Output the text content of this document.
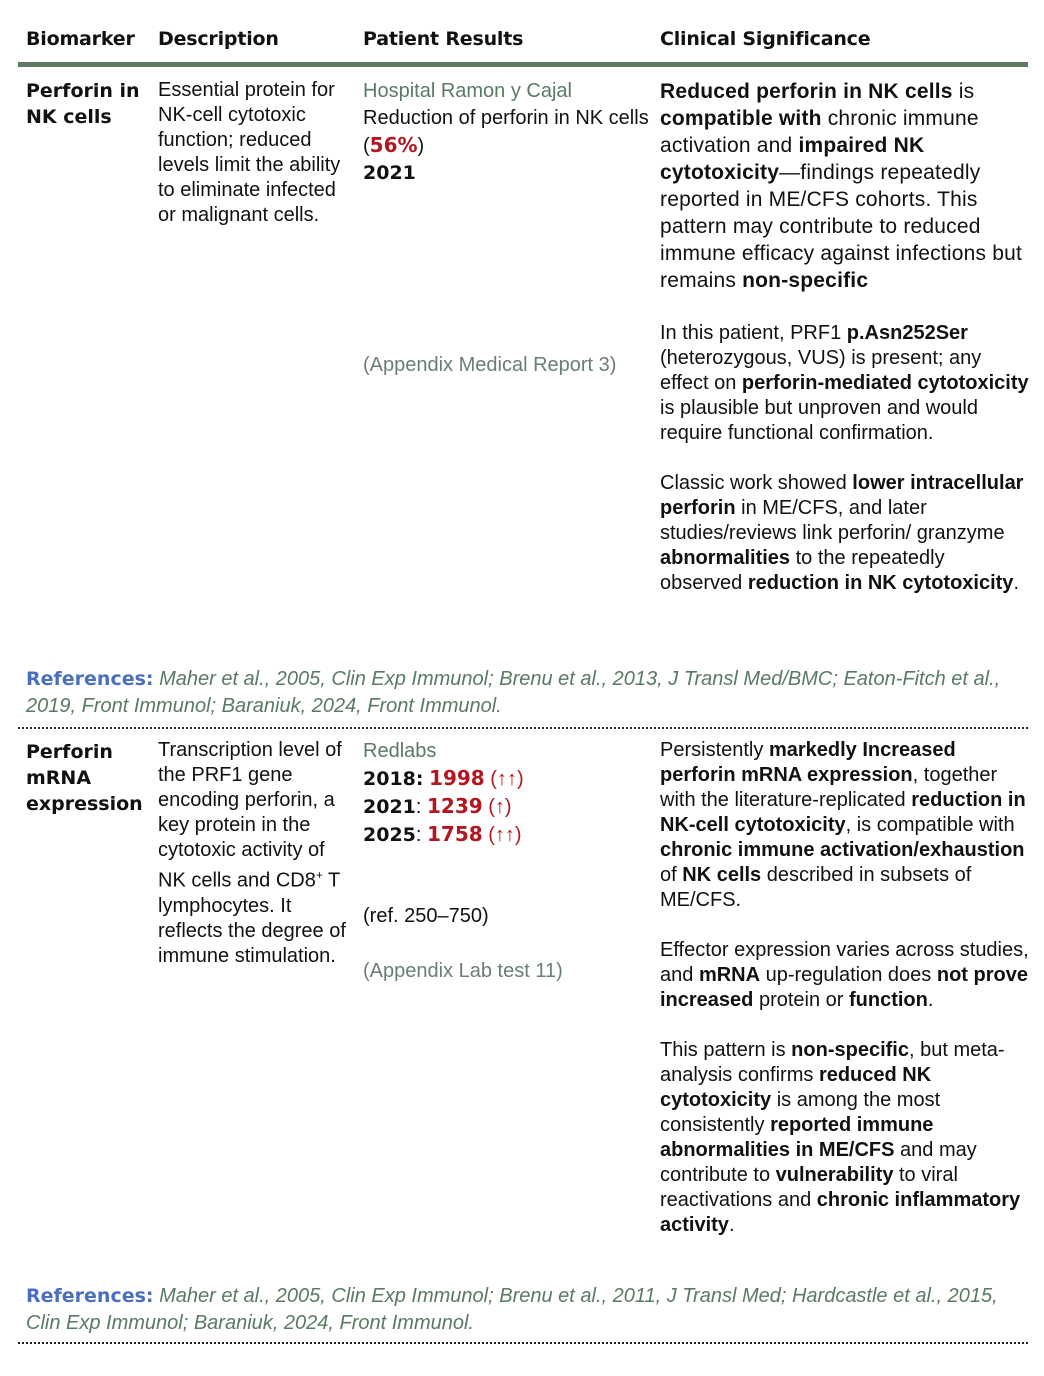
Biomarker Description	Patient Results	Clinical Significance
Perforin in NK cells
Essential protein for NK-cell cytotoxic function; reduced levels limit the ability to eliminate infected or malignant cells.
Hospital Ramon y Cajal
Reduction of perforin in NK cells (56%)
2021
(Appendix Medical Report 3)

Reduced perforin in NK cells is compatible with chronic immune activation and impaired NK cytotoxicity—findings repeatedly reported in ME/CFS cohorts. This pattern may contribute to reduced immune efficacy against infections but remains non-specific

In this patient, PRF1 p.Asn252Ser (heterozygous, VUS) is present; any effect on perforin-mediated cytotoxicity is plausible but unproven and would require functional confirmation.

Classic work showed lower intracellular perforin in ME/CFS, and later studies/reviews link perforin/ granzyme abnormalities to the repeatedly observed reduction in NK cytotoxicity.

References: Maher et al., 2005, Clin Exp Immunol; Brenu et al., 2013, J Transl Med/BMC; Eaton-Fitch et al., 2019, Front Immunol; Baraniuk, 2024, Front Immunol.
Perforin mRNA expression
Transcription level of the PRF1 gene encoding perforin, a key protein in the cytotoxic activity of NK cells and CD8+ T lymphocytes. It reflects the degree of immune stimulation.
Redlabs
2018: 1998 (↑↑)
2021: 1239 (↑)
2025: 1758 (↑↑)
(ref. 250–750)
(Appendix Lab test 11)

Persistently markedly Increased perforin mRNA expression, together with the literature-replicated reduction in NK-cell cytotoxicity, is compatible with chronic immune activation/exhaustion of NK cells described in subsets of ME/CFS.

Effector expression varies across studies, and mRNA up-regulation does not prove increased protein or function.

This pattern is non-specific, but meta-analysis confirms reduced NK cytotoxicity is among the most consistently reported immune abnormalities in ME/CFS and may contribute to vulnerability to viral reactivations and chronic inflammatory activity.

References: Maher et al., 2005, Clin Exp Immunol; Brenu et al., 2011, J Transl Med; Hardcastle et al., 2015, Clin Exp Immunol; Baraniuk, 2024, Front Immunol.
